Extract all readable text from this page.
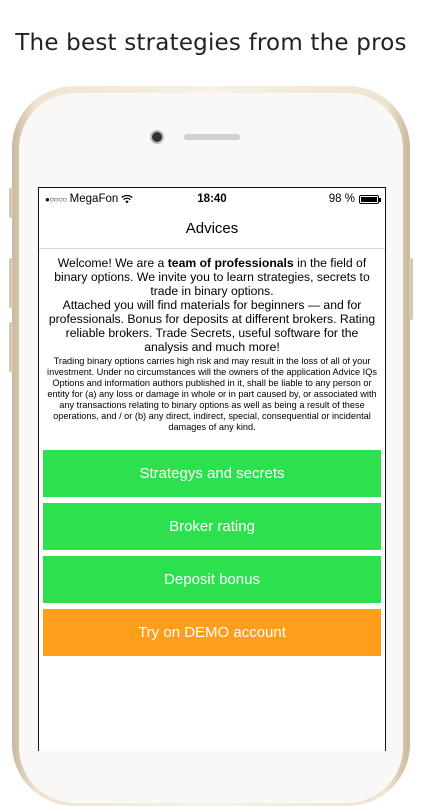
The best strategies from the pros
●○○○○ MegaFon	18:40	98 %
Advices

Welcome! We are a team of professionals in the field of binary options. We invite you to learn strategies, secrets to trade in binary options.

Attached you will find materials for beginners — and for professionals. Bonus for deposits at different brokers. Rating reliable brokers. Trade Secrets, useful software for the analysis and much more!

Trading binary options carries high risk and may result in the loss of all of your investment. Under no circumstances will the owners of the application Advice IQs Options and information authors published in it, shall be liable to any person or entity for (a) any loss or damage in whole or in part caused by, or associated with any transactions relating to binary options as well as being a result of these operations, and / or (b) any direct, indirect, special, consequential or incidental damages of any kind.

Strategys and secrets
Broker rating
Deposit bonus
Try on DEMO account
